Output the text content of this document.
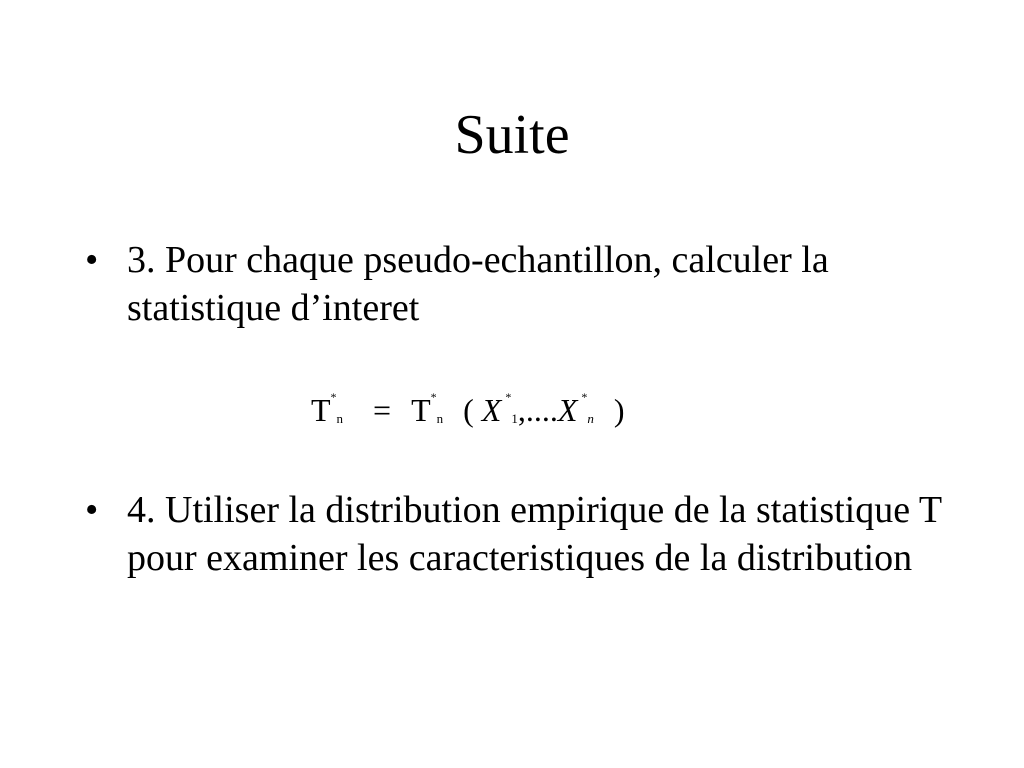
Suite
• 3. Pour chaque pseudo-echantillon, calculer la statistique d’interet
T*n = T*n ( X *1,....X *n )
• 4. Utiliser la distribution empirique de la statistique T pour examiner les caracteristiques de la distribution
